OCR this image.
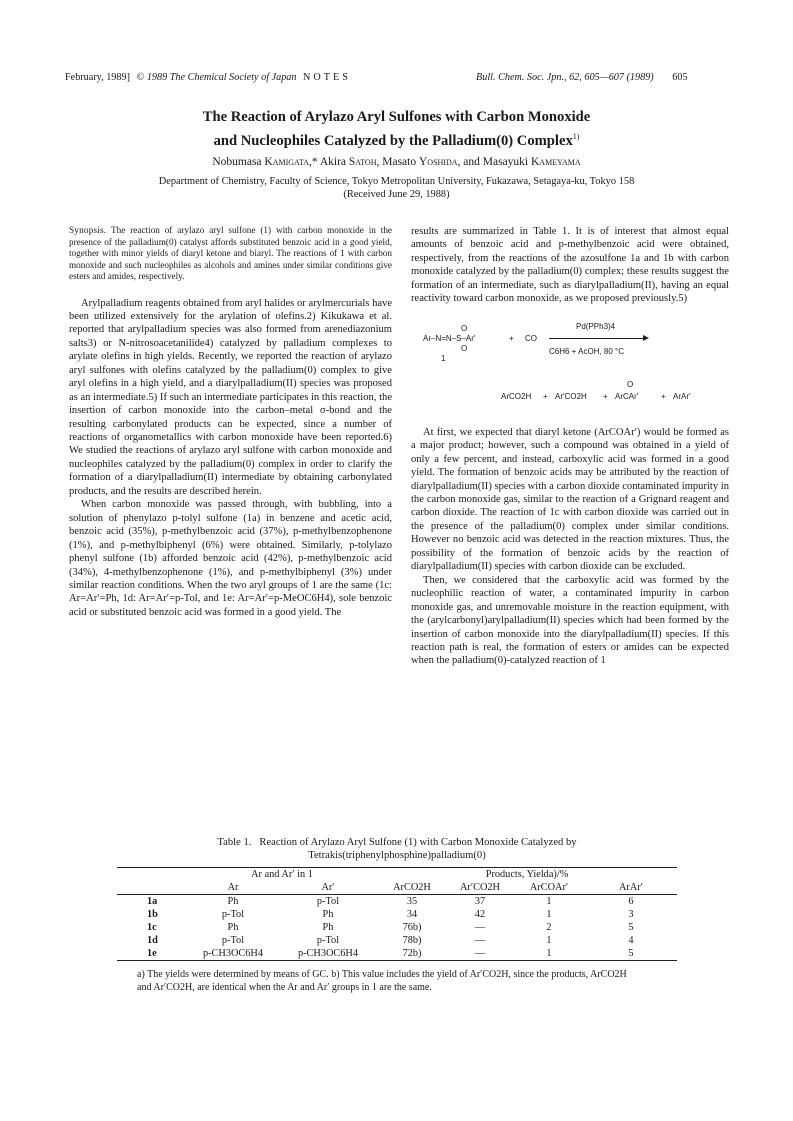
February, 1989] © 1989 The Chemical Society of Japan NOTES	Bull. Chem. Soc. Jpn., 62, 605—607 (1989) 605
The Reaction of Arylazo Aryl Sulfones with Carbon Monoxide
and Nucleophiles Catalyzed by the Palladium(0) Complex$^{1)}$
Nobumasa Kamigata,* Akira Satoh, Masato Yoshida, and Masayuki Kameyama
Department of Chemistry, Faculty of Science, Tokyo Metropolitan University, Fukazawa, Setagaya-ku, Tokyo 158
(Received June 29, 1988)

Synopsis. The reaction of arylazo aryl sulfone (1) with carbon monoxide in the presence of the palladium(0) catalyst affords substituted benzoic acid in a good yield, together with minor yields of diaryl ketone and biaryl. The reactions of 1 with carbon monoxide and such nucleophiles as alcohols and amines under similar conditions give esters and amides, respectively.

Arylpalladium reagents obtained from aryl halides or arylmercurials have been utilized extensively for the arylation of olefins.2) Kikukawa et al. reported that arylpalladium species was also formed from arenediazonium salts3) or N-nitrosoacetanilide4) catalyzed by palladium complexes to arylate olefins in high yields. Recently, we reported the reaction of arylazo aryl sulfones with olefins catalyzed by the palladium(0) complex to give aryl olefins in a high yield, and a diarylpalladium(II) species was proposed as an intermediate.5) If such an intermediate participates in this reaction, the insertion of carbon monoxide into the carbon–metal σ-bond and the resulting carbonylated products can be expected, since a number of reactions of organometallics with carbon monoxide have been reported.6) We studied the reactions of arylazo aryl sulfone with carbon monoxide and nucleophiles catalyzed by the palladium(0) complex in order to clarify the formation of a diarylpalladium(II) intermediate by obtaining carbonylated products, and the results are described herein.

When carbon monoxide was passed through, with bubbling, into a solution of phenylazo p-tolyl sulfone (1a) in benzene and acetic acid, benzoic acid (35%), p-methylbenzoic acid (37%), p-methylbenzophenone (1%), and p-methylbiphenyl (6%) were obtained. Similarly, p-tolylazo phenyl sulfone (1b) afforded benzoic acid (42%), p-methylbenzoic acid (34%), 4-methylbenzophenone (1%), and p-methylbiphenyl (3%) under similar reaction conditions. When the two aryl groups of 1 are the same (1c: Ar=Ar′=Ph, 1d: Ar=Ar′=p-Tol, and 1e: Ar=Ar′=p-MeOC6H4), sole benzoic acid or substituted benzoic acid was formed in a good yield. The

results are summarized in Table 1. It is of interest that almost equal amounts of benzoic acid and p-methylbenzoic acid were obtained, respectively, from the reactions of the azosulfone 1a and 1b with carbon monoxide catalyzed by the palladium(0) complex; these results suggest the formation of an intermediate, such as diarylpalladium(II), having an equal reactivity toward carbon monoxide, as we proposed previously.5)

O
Ar–N=N–S–Ar′
O
1
+ CO
Pd(PPh3)4
C6H6 + AcOH, 80 °C
ArCO2H + Ar′CO2H +
O
ArCAr′	+ ArAr′

At first, we expected that diaryl ketone (ArCOAr′) would be formed as a major product; however, such a compound was obtained in a yield of only a few percent, and instead, carboxylic acid was formed in a good yield. The formation of benzoic acids may be attributed by the reaction of diarylpalladium(II) species with a carbon dioxide contaminated impurity in the carbon monoxide gas, similar to the reaction of a Grignard reagent and carbon dioxide. The reaction of 1c with carbon dioxide was carried out in the presence of the palladium(0) complex under similar conditions. However no benzoic acid was detected in the reaction mixtures. Thus, the possibility of the formation of benzoic acids by the reaction of diarylpalladium(II) species with carbon dioxide can be excluded.

Then, we considered that the carboxylic acid was formed by the nucleophilic reaction of water, a contaminated impurity in carbon monoxide gas, and unremovable moisture in the reaction equipment, with the (arylcarbonyl)arylpalladium(II) species which had been formed by the insertion of carbon monoxide into the diarylpalladium(II) species. If this reaction path is real, the formation of esters or amides can be expected when the palladium(0)-catalyzed reaction of 1

Table 1. Reaction of Arylazo Aryl Sulfone (1) with Carbon Monoxide Catalyzed by
Tetrakis(triphenylphosphine)palladium(0)

	Ar and Ar′ in 1		Products, Yielda)/%			
	Ar	Ar′	ArCO2H	Ar′CO2H	ArCOAr′	ArAr′

1a	Ph	p-Tol	35	37	1	6
1b	p-Tol	Ph	34	42	1	3
1c	Ph	Ph	76b)	—	2	5
1d	p-Tol	p-Tol	78b)	—	1	4
1e	p-CH3OC6H4	p-CH3OC6H4	72b)	—	1	5

a) The yields were determined by means of GC. b) This value includes the yield of Ar′CO2H, since the products, ArCO2H and Ar′CO2H, are identical when the Ar and Ar′ groups in 1 are the same.
